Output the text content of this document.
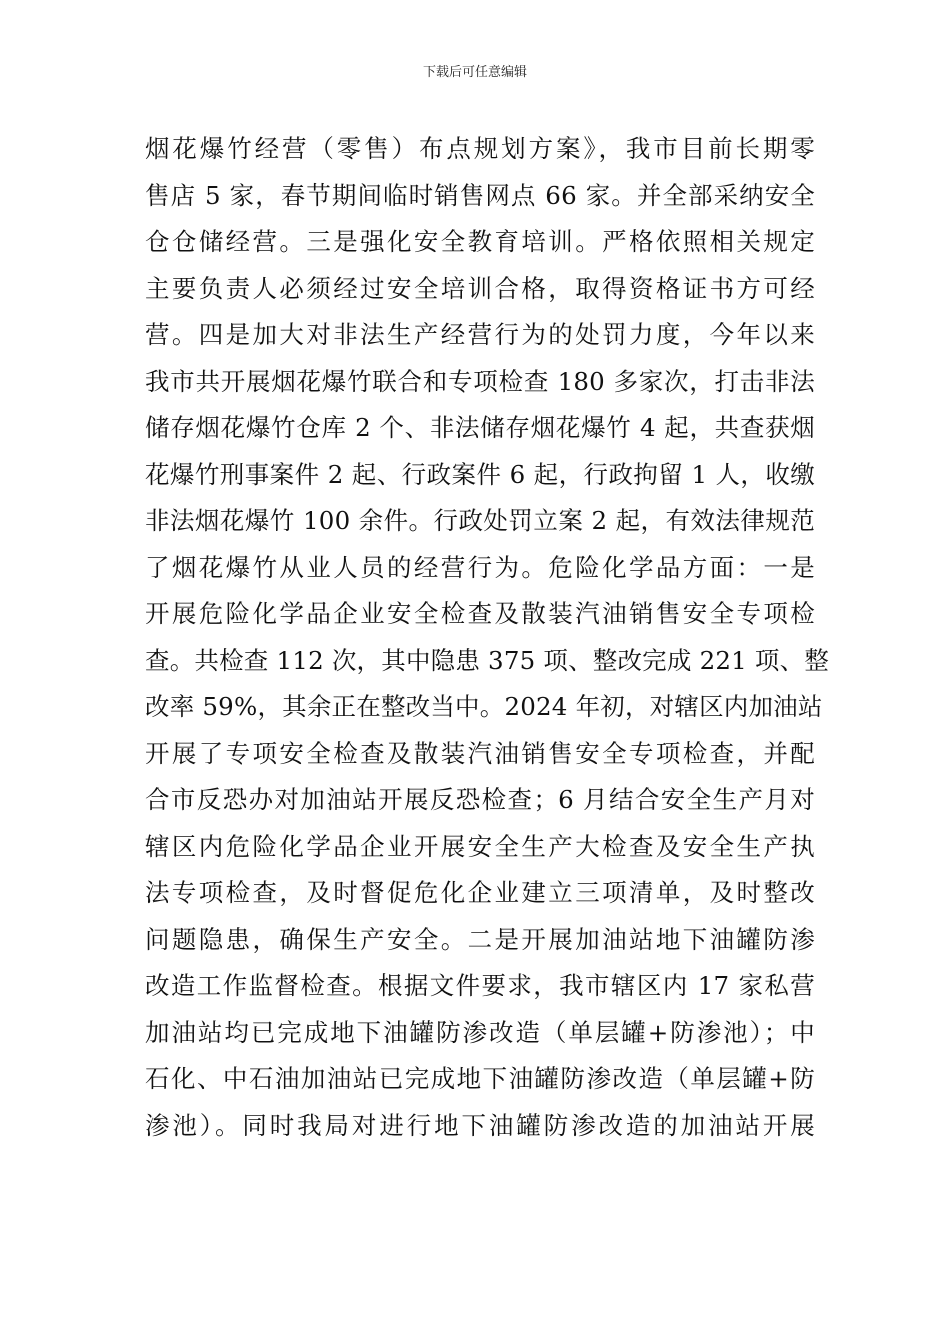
下载后可任意编辑
烟花爆竹经营（零售）布点规划方案》，我市目前长期零
售店 5 家，春节期间临时销售网点 66 家。并全部采纳安全
仓仓储经营。三是强化安全教育培训。严格依照相关规定
主要负责人必须经过安全培训合格，取得资格证书方可经
营。四是加大对非法生产经营行为的处罚力度，今年以来
我市共开展烟花爆竹联合和专项检查 180 多家次，打击非法
储存烟花爆竹仓库 2 个、非法储存烟花爆竹 4 起，共查获烟
花爆竹刑事案件 2 起、行政案件 6 起，行政拘留 1 人，收缴
非法烟花爆竹 100 余件。行政处罚立案 2 起，有效法律规范
了烟花爆竹从业人员的经营行为。危险化学品方面：一是
开展危险化学品企业安全检查及散装汽油销售安全专项检
查。共检查 112 次，其中隐患 375 项、整改完成 221 项、整
改率 59%，其余正在整改当中。2024 年初，对辖区内加油站
开展了专项安全检查及散装汽油销售安全专项检查，并配
合市反恐办对加油站开展反恐检查；6 月结合安全生产月对
辖区内危险化学品企业开展安全生产大检查及安全生产执
法专项检查，及时督促危化企业建立三项清单，及时整改
问题隐患，确保生产安全。二是开展加油站地下油罐防渗
改造工作监督检查。根据文件要求，我市辖区内 17 家私营
加油站均已完成地下油罐防渗改造（单层罐+防渗池）；中
石化、中石油加油站已完成地下油罐防渗改造（单层罐+防
渗池）。同时我局对进行地下油罐防渗改造的加油站开展
